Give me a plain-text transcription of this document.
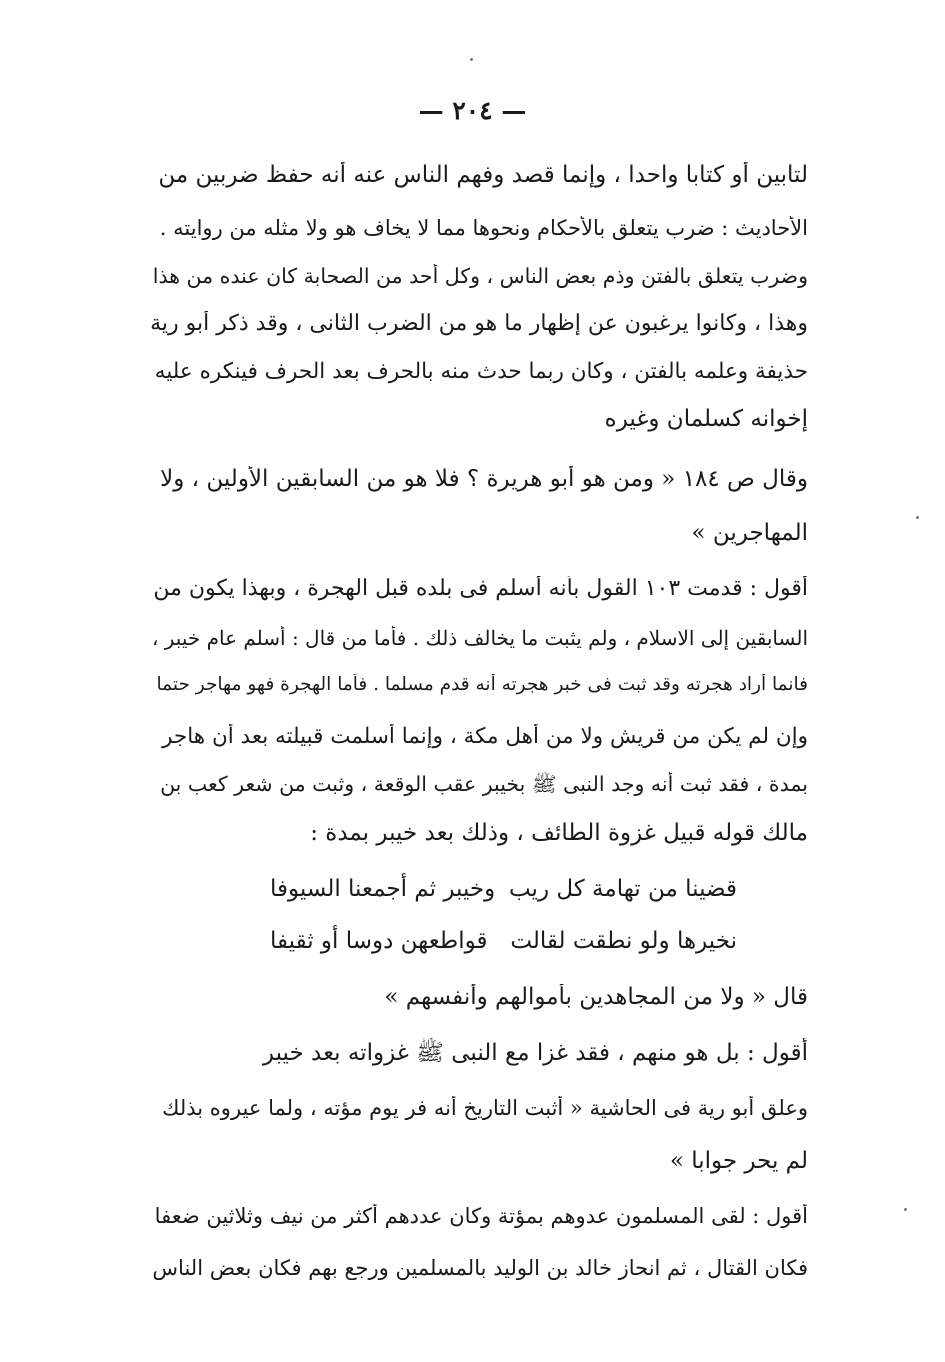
— ٢٠٤ —
لتابين أو كتابا واحدا ، وإنما قصد وفهم الناس عنه أنه حفظ ضربين من
الأحاديث : ضرب يتعلق بالأحكام ونحوها مما لا يخاف هو ولا مثله من روايته .
وضرب يتعلق بالفتن وذم بعض الناس ، وكل أحد من الصحابة كان عنده من هذا
وهذا ، وكانوا يرغبون عن إظهار ما هو من الضرب الثانى ، وقد ذكر أبو رية
حذيفة وعلمه بالفتن ، وكان ربما حدث منه بالحرف بعد الحرف فينكره عليه
إخوانه كسلمان وغيره
وقال ص ١٨٤ « ومن هو أبو هريرة ؟ فلا هو من السابقين الأولين ، ولا
المهاجرين »
أقول : قدمت ١٠٣ القول بأنه أسلم فى بلده قبل الهجرة ، وبهذا يكون من
السابقين إلى الاسلام ، ولم يثبت ما يخالف ذلك . فأما من قال : أسلم عام خيبر ،
فانما أراد هجرته وقد ثبت فى خبر هجرته أنه قدم مسلما . فأما الهجرة فهو مهاجر حتما
وإن لم يكن من قريش ولا من أهل مكة ، وإنما أسلمت قبيلته بعد أن هاجر
بمدة ، فقد ثبت أنه وجد النبى ﷺ بخيبر عقب الوقعة ، وثبت من شعر كعب بن
مالك قوله قبيل غزوة الطائف ، وذلك بعد خيبر بمدة :
قضينا من تهامة كل ريب
وخيبر ثم أجمعنا السيوفا
نخيرها ولو نطقت لقالت
قواطعهن دوسا أو ثقيفا
قال « ولا من المجاهدين بأموالهم وأنفسهم »
أقول : بل هو منهم ، فقد غزا مع النبى ﷺ غزواته بعد خيبر
وعلق أبو رية فى الحاشية « أثبت التاريخ أنه فر يوم مؤته ، ولما عيروه بذلك
لم يحر جوابا »
أقول : لقى المسلمون عدوهم بمؤتة وكان عددهم أكثر من نيف وثلاثين ضعفا
فكان القتال ، ثم انحاز خالد بن الوليد بالمسلمين ورجع بهم فكان بعض الناس
